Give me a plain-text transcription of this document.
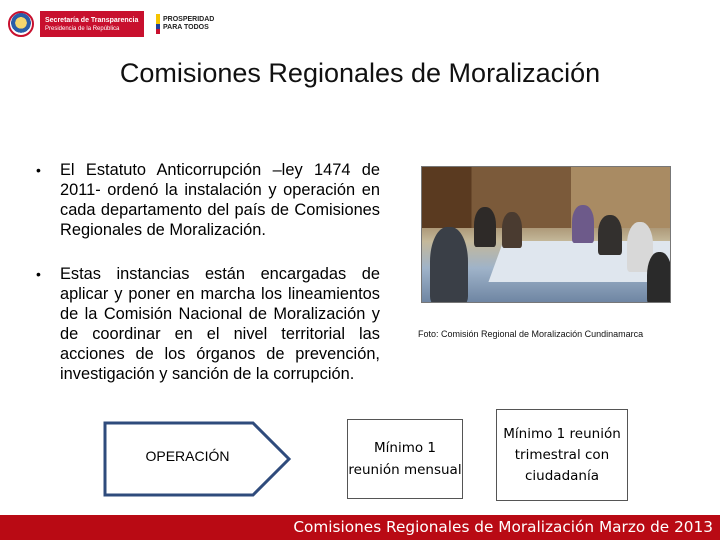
Secretaría de Transparencia
Presidencia de la República
PROSPERIDAD
PARA TODOS
Comisiones Regionales de Moralización
• El Estatuto Anticorrupción –ley 1474 de 2011- ordenó la instalación y operación en cada departamento del país de Comisiones Regionales de Moralización.
• Estas instancias están encargadas de aplicar y poner en marcha los lineamientos de la Comisión Nacional de Moralización y de coordinar en el nivel territorial las acciones de los órganos de prevención, investigación y sanción de la corrupción.
Foto: Comisión Regional de Moralización Cundinamarca
OPERACIÓN	Mínimo 1 reunión mensual
Mínimo 1 reunión trimestral con ciudadanía
Comisiones Regionales de Moralización Marzo de 2013
